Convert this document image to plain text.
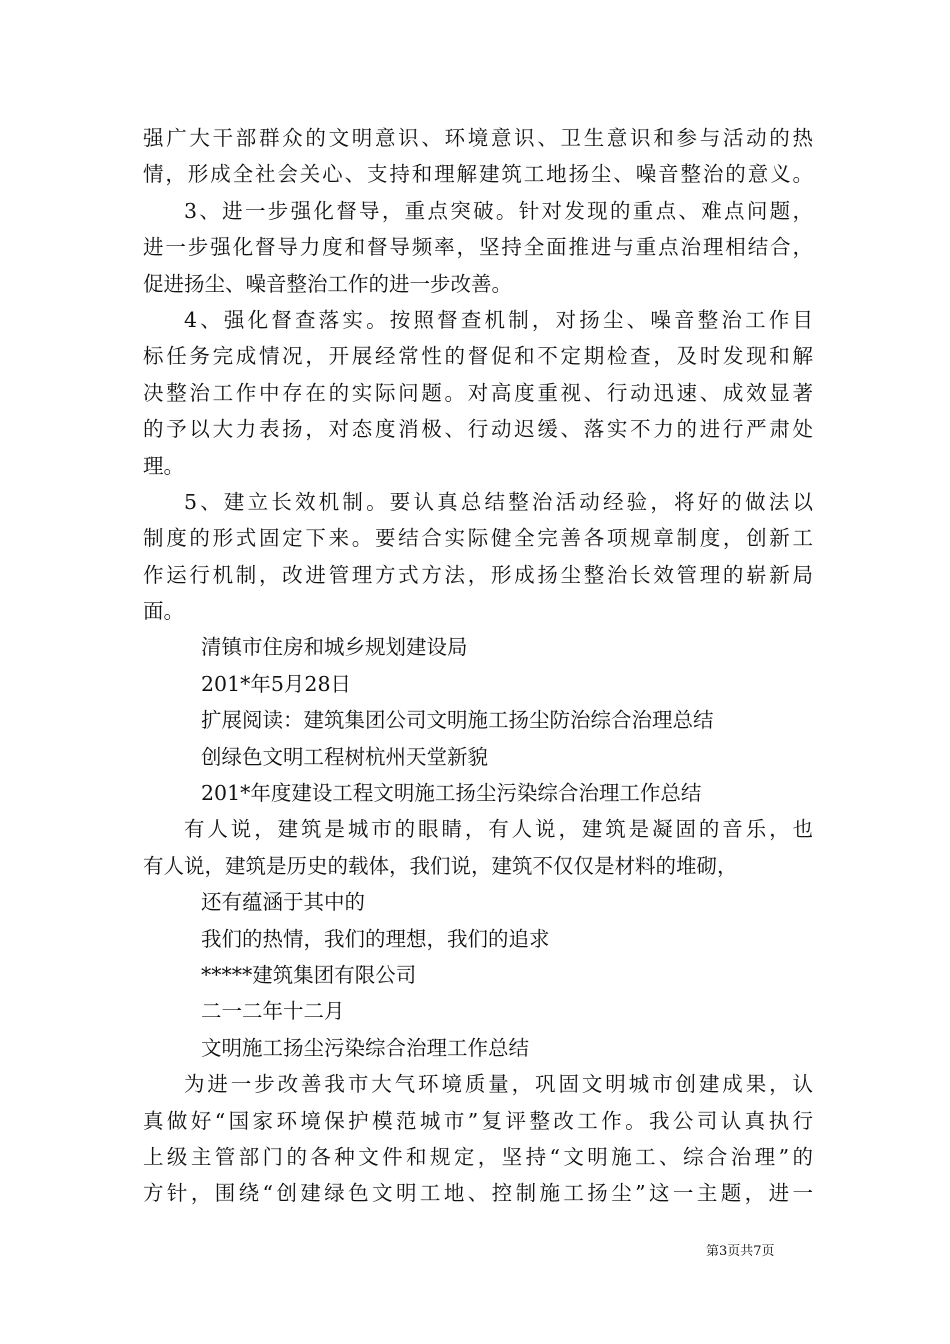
强广大干部群众的文明意识、环境意识、卫生意识和参与活动的热
情，形成全社会关心、支持和理解建筑工地扬尘、噪音整治的意义。
3、进一步强化督导，重点突破。针对发现的重点、难点问题，
进一步强化督导力度和督导频率，坚持全面推进与重点治理相结合，
促进扬尘、噪音整治工作的进一步改善。
4、强化督查落实。按照督查机制，对扬尘、噪音整治工作目
标任务完成情况，开展经常性的督促和不定期检查，及时发现和解
决整治工作中存在的实际问题。对高度重视、行动迅速、成效显著
的予以大力表扬，对态度消极、行动迟缓、落实不力的进行严肃处
理。
5、建立长效机制。要认真总结整治活动经验，将好的做法以
制度的形式固定下来。要结合实际健全完善各项规章制度，创新工
作运行机制，改进管理方式方法，形成扬尘整治长效管理的崭新局
面。
清镇市住房和城乡规划建设局
201*年5月28日
扩展阅读：建筑集团公司文明施工扬尘防治综合治理总结
创绿色文明工程树杭州天堂新貌
201*年度建设工程文明施工扬尘污染综合治理工作总结
有人说，建筑是城市的眼睛，有人说，建筑是凝固的音乐，也
有人说，建筑是历史的载体，我们说，建筑不仅仅是材料的堆砌，
还有蕴涵于其中的
我们的热情，我们的理想，我们的追求
*****建筑集团有限公司
二一二年十二月
文明施工扬尘污染综合治理工作总结
为进一步改善我市大气环境质量，巩固文明城市创建成果，认
真做好“国家环境保护模范城市”复评整改工作。我公司认真执行
上级主管部门的各种文件和规定，坚持“文明施工、综合治理”的
方针，围绕“创建绿色文明工地、控制施工扬尘”这一主题，进一
第3页共7页
